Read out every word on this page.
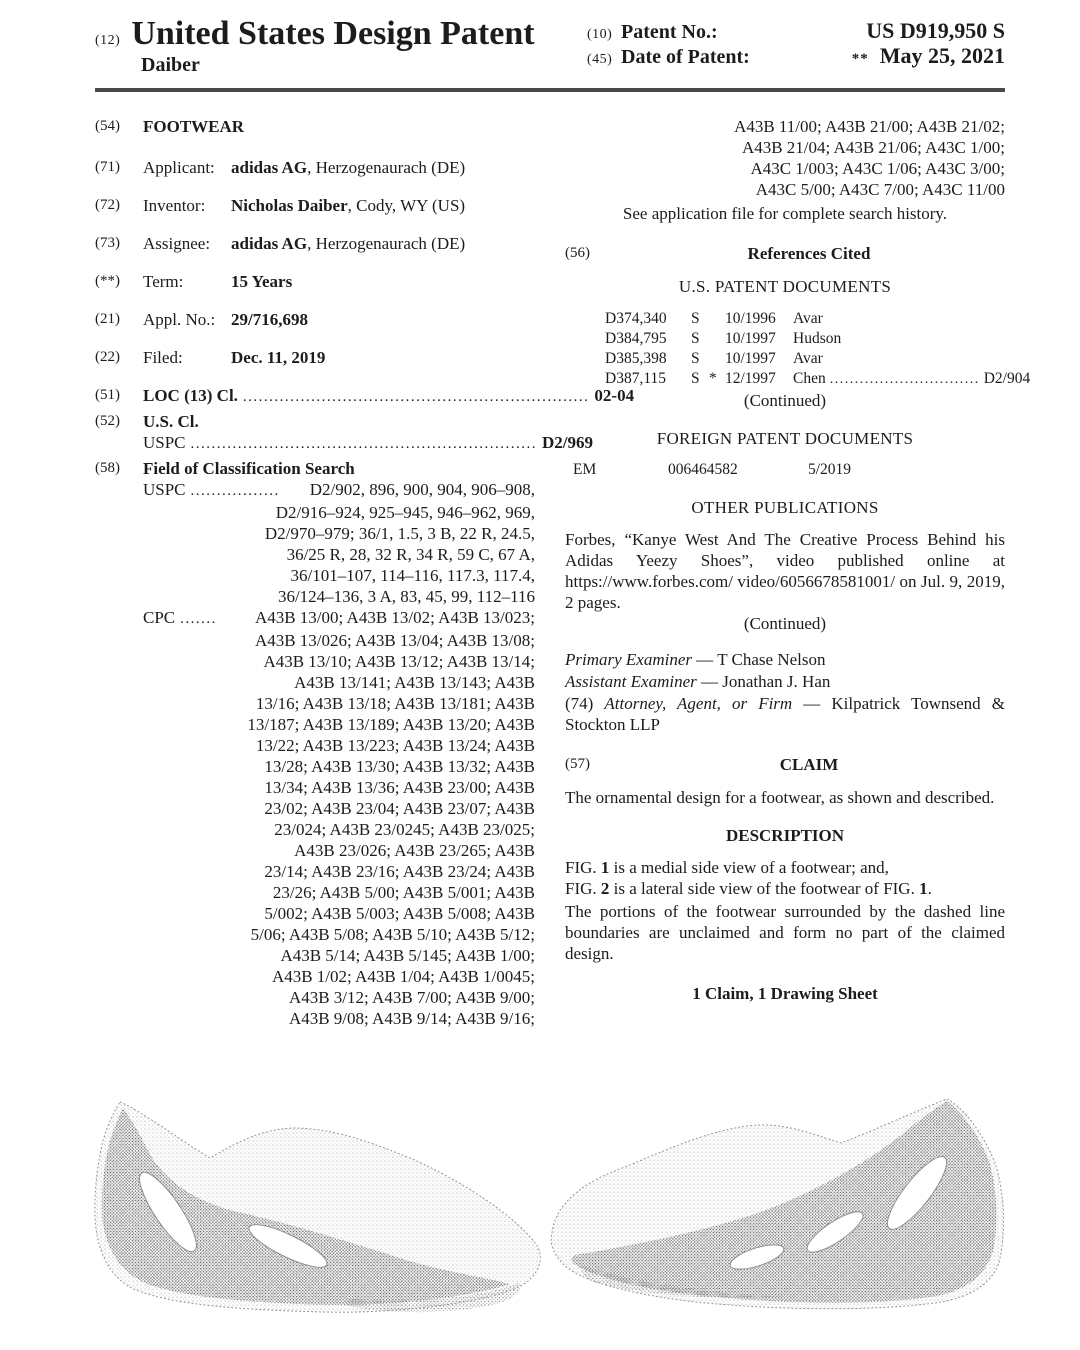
(12) United States Design Patent
Daiber
(10) Patent No.:	US D919,950 S
(45) Date of Patent:	** May 25, 2021
(54)	FOOTWEAR
(71)	Applicant: adidas AG, Herzogenaurach (DE)
(72)	Inventor:	Nicholas Daiber, Cody, WY (US)
(73)	Assignee:	adidas AG, Herzogenaurach (DE)
(**)	Term:	15 Years
(21)	Appl. No.: 29/716,698
(22)	Filed:	Dec. 11, 2019
(51)	LOC (13) Cl. .................................................................. 02-04
(52)	U.S. Cl.
USPC .................................................................. D2/969
(58)	Field of Classification Search
USPC .................	D2/902, 896, 900, 904, 906–908,
D2/916–924, 925–945, 946–962, 969,
D2/970–979; 36/1, 1.5, 3 B, 22 R, 24.5,
36/25 R, 28, 32 R, 34 R, 59 C, 67 A,
36/101–107, 114–116, 117.3, 117.4,
36/124–136, 3 A, 83, 45, 99, 112–116
CPC .......	A43B 13/00; A43B 13/02; A43B 13/023;
A43B 13/026; A43B 13/04; A43B 13/08;
A43B 13/10; A43B 13/12; A43B 13/14;
A43B 13/141; A43B 13/143; A43B
13/16; A43B 13/18; A43B 13/181; A43B
13/187; A43B 13/189; A43B 13/20; A43B
13/22; A43B 13/223; A43B 13/24; A43B
13/28; A43B 13/30; A43B 13/32; A43B
13/34; A43B 13/36; A43B 23/00; A43B
23/02; A43B 23/04; A43B 23/07; A43B
23/024; A43B 23/0245; A43B 23/025;
A43B 23/026; A43B 23/265; A43B
23/14; A43B 23/16; A43B 23/24; A43B
23/26; A43B 5/00; A43B 5/001; A43B
5/002; A43B 5/003; A43B 5/008; A43B
5/06; A43B 5/08; A43B 5/10; A43B 5/12;
A43B 5/14; A43B 5/145; A43B 1/00;
A43B 1/02; A43B 1/04; A43B 1/0045;
A43B 3/12; A43B 7/00; A43B 9/00;
A43B 9/08; A43B 9/14; A43B 9/16;
A43B 11/00; A43B 21/00; A43B 21/02;
A43B 21/04; A43B 21/06; A43C 1/00;
A43C 1/003; A43C 1/06; A43C 3/00;
A43C 5/00; A43C 7/00; A43C 11/00
See application file for complete search history.
(56)	References Cited
U.S. PATENT DOCUMENTS
D374,340	S	10/1996	Avar
D384,795	S	10/1997	Hudson
D385,398	S	10/1997	Avar
D387,115	S * 12/1997	Chen .............................. D2/904
(Continued)
FOREIGN PATENT DOCUMENTS
EM	006464582	5/2019
OTHER PUBLICATIONS

Forbes, “Kanye West And The Creative Process Behind his Adidas Yeezy Shoes”, video published online at https://www.forbes.com/ video/6056678581001/ on Jul. 9, 2019, 2 pages.

(Continued)
Primary Examiner — T Chase Nelson
Assistant Examiner — Jonathan J. Han

(74) Attorney, Agent, or Firm — Kilpatrick Townsend & Stockton LLP

(57)	CLAIM

The ornamental design for a footwear, as shown and described.

DESCRIPTION
FIG. 1 is a medial side view of a footwear; and,
FIG. 2 is a lateral side view of the footwear of FIG. 1.

The portions of the footwear surrounded by the dashed line boundaries are unclaimed and form no part of the claimed design.

1 Claim, 1 Drawing Sheet
